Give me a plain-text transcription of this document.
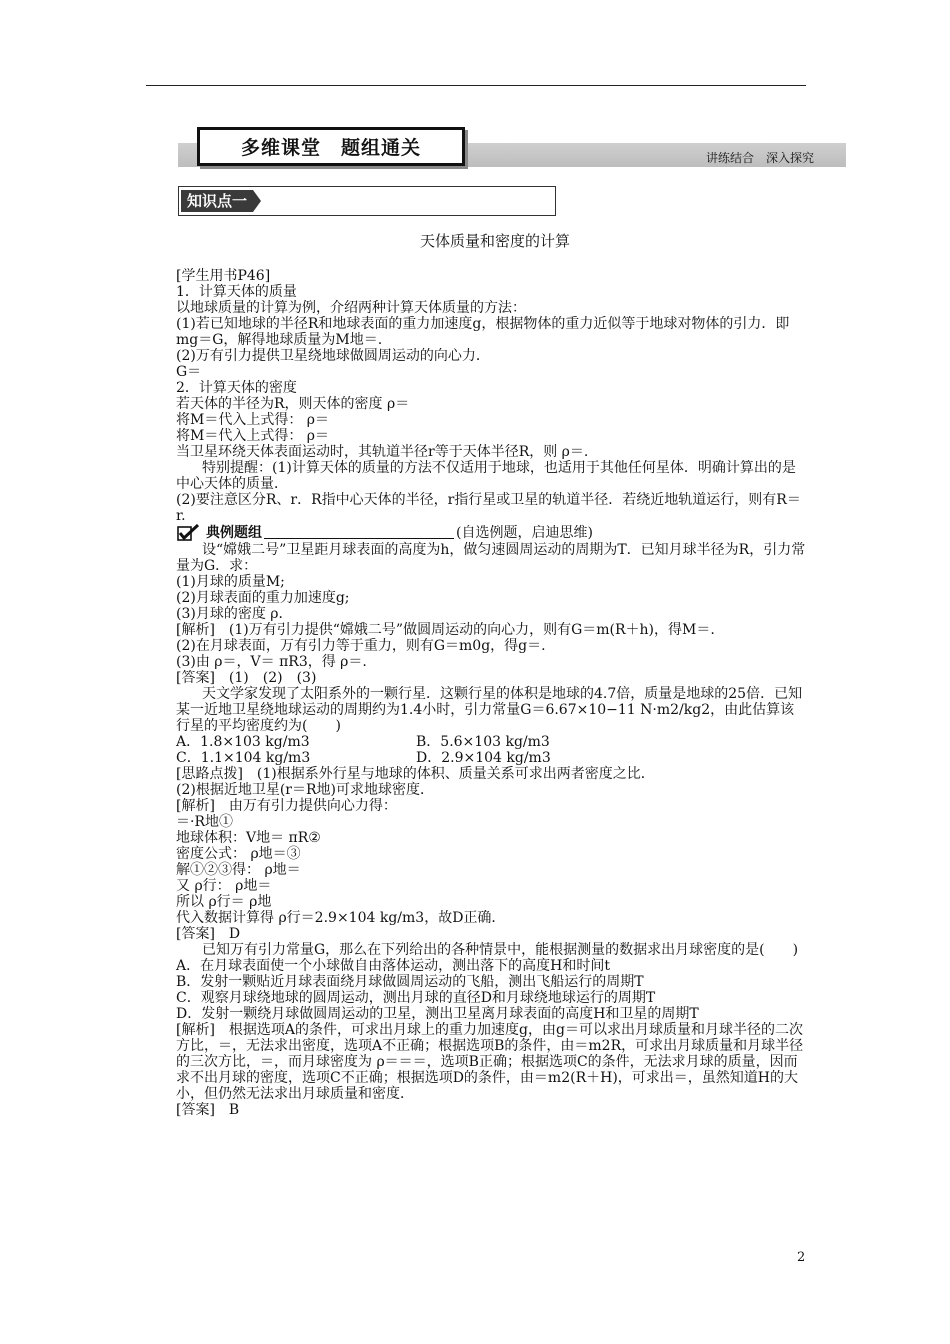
多维课堂　题组通关	讲练结合　深入探究
知识点一
天体质量和密度的计算

[学生用书P46]

1．计算天体的质量

以地球质量的计算为例，介绍两种计算天体质量的方法：

(1)若已知地球的半径R和地球表面的重力加速度g，根据物体的重力近似等于地球对物体的引力．即

mg＝G，解得地球质量为M地＝.

(2)万有引力提供卫星绕地球做圆周运动的向心力．

G＝

2．计算天体的密度

若天体的半径为R，则天体的密度 ρ＝

将M＝代入上式得： ρ＝

将M＝代入上式得： ρ＝

当卫星环绕天体表面运动时，其轨道半径r等于天体半径R，则 ρ＝.

特别提醒：(1)计算天体的质量的方法不仅适用于地球，也适用于其他任何星体．明确计算出的是中心天体的质量．

(2)要注意区分R、r．R指中心天体的半径，r指行星或卫星的轨道半径．若绕近地轨道运行，则有R＝r.

典例题组	(自选例题，启迪思维)

设“嫦娥二号”卫星距月球表面的高度为h，做匀速圆周运动的周期为T．已知月球半径为R，引力常量为G．求：

(1)月球的质量M;

(2)月球表面的重力加速度g;

(3)月球的密度 ρ．

[解析]　(1)万有引力提供“嫦娥二号”做圆周运动的向心力，则有G＝m(R＋h)，得M＝.

(2)在月球表面，万有引力等于重力，则有G＝m0g，得g＝.

(3)由 ρ＝，V＝ πR3，得 ρ＝.

[答案]　(1)　(2)　(3)

天文学家发现了太阳系外的一颗行星．这颗行星的体积是地球的4.7倍，质量是地球的25倍．已知某一近地卫星绕地球运动的周期约为1.4小时，引力常量G＝6.67×10−11 N·m2/kg2，由此估算该行星的平均密度约为(　　)

A．1.8×103 kg/m3	B．5.6×103 kg/m3
C．1.1×104 kg/m3	D．2.9×104 kg/m3

[思路点拨]　(1)根据系外行星与地球的体积、质量关系可求出两者密度之比．

(2)根据近地卫星(r＝R地)可求地球密度．

[解析]　由万有引力提供向心力得：

＝·R地①

地球体积：V地＝ πR②

密度公式： ρ地＝③

解①②③得： ρ地＝

又 ρ行： ρ地＝

所以 ρ行＝ ρ地

代入数据计算得 ρ行＝2.9×104 kg/m3，故D正确．

[答案]　D

已知万有引力常量G，那么在下列给出的各种情景中，能根据测量的数据求出月球密度的是(　　)

A．在月球表面使一个小球做自由落体运动，测出落下的高度H和时间t

B．发射一颗贴近月球表面绕月球做圆周运动的飞船，测出飞船运行的周期T

C．观察月球绕地球的圆周运动，测出月球的直径D和月球绕地球运行的周期T

D．发射一颗绕月球做圆周运动的卫星，测出卫星离月球表面的高度H和卫星的周期T

[解析]　根据选项A的条件，可求出月球上的重力加速度g，由g＝可以求出月球质量和月球半径的二次方比，＝，无法求出密度，选项A不正确；根据选项B的条件，由＝m2R，可求出月球质量和月球半径的三次方比，＝，而月球密度为 ρ＝＝＝，选项B正确；根据选项C的条件，无法求月球的质量，因而求不出月球的密度，选项C不正确；根据选项D的条件，由＝m2(R＋H)，可求出＝，虽然知道H的大小，但仍然无法求出月球质量和密度．

[答案]　B

2
